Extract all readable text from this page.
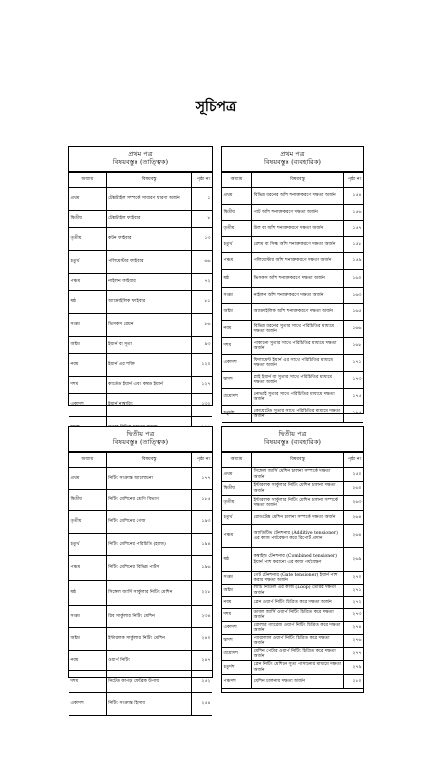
সূচিপত্র
প্রথম পত্র
বিষয়বস্তুঃ (তাত্ত্বিক)
অধ্যায়	বিষয়বস্তু	পৃষ্ঠা নং
প্রথম	টেক্সটাইল সম্পর্কে সাধারণ ধারণা অর্জন	১
দ্বিতীয়	টেক্সটাইল ফাইবার	৮
তৃতীয়	কটন ফাইবার	১৩
চতুর্থ	পলিয়েস্টার ফাইবার	৬৬
পঞ্চম	নাইলন ফাইবার	৭২
ষষ্ঠ	অ্যাক্রাইলিক ফাইবার	৮১
সপ্তম	ভিসকস রেয়ন	৮৬
অষ্টম	ইয়ার্ন বা সূতা	৯৩
নবম	ইয়ার্ন এর শক্তি	১২০
দশম	কার্ডেড ইয়ার্ন এবং কম্বড ইয়ার্ন	১২৭
একাদশ	ইয়ার্ন নাম্বারিং	১৩২

প্রথম পত্র
বিষয়বস্তুঃ (ব্যবহারিক)
অধ্যায়	বিষয়বস্তু	পৃষ্ঠা নং
প্রথম	বিভিন্ন ধরনের আঁশ শনাক্তকরণে দক্ষতা অর্জন	১৫৪
দ্বিতীয়	পাট আঁশ শনাক্তকরণে দক্ষতা অর্জন	১৫৬
তৃতীয়	উল বা আঁশ শনাক্তকরণে দক্ষতা অর্জন	১৫৭
চতুর্থ	রেশম বা সিল্ক আঁশ শনাক্তকরণে দক্ষতা অর্জন	১৫৮
পঞ্চম	পলিয়েস্টার আঁশ শনাক্তকরণে দক্ষতা অর্জন	১৫৯
ষষ্ঠ	ভিসকস আঁশ শনাক্তকরণে দক্ষতা অর্জন	১৬০
সপ্তম	নাইলন আঁশ শনাক্তকরণে দক্ষতা অর্জন	১৬৩
অষ্টম	অ্যাক্রাইলিক আঁশ শনাক্তকরণে দক্ষতা অর্জন	১৬৫
নবম	বিভিন্ন ধরনের সুতার সাথে পরিচিতির মাধ্যমে দক্ষতা অর্জন	১৬৬
দশম	পাকানো সুতার সাথে পরিচিতির মাধ্যমে দক্ষতা অর্জন	১৬৮
একাদশ	ফিলামেন্ট ইয়ার্ন এর সাথে পরিচিতির মাধ্যমে দক্ষতা অর্জন	১৭১
দ্বাদশ	প্লাই ইয়ার্ন বা সুতার সাথে পরিচিতির মাধ্যমে দক্ষতা অর্জন	১৭৩
ত্রয়োদশ	নোভাই সুতার সাথে পরিচিতির মাধ্যমে দক্ষতা অর্জন	১৭৫
চতুর্দশ	কোয়েটেড সুতার সাথে পরিচিতির মাধ্যমে দক্ষতা অর্জন	১৭৫
দ্বিতীয় পত্র
বিষয়বস্তুঃ (তাত্ত্বিক)
অধ্যায়	বিষয়বস্তু	পৃষ্ঠা নং
প্রথম	নিটিং সংক্রান্ত আলোচনা	১৭৭
দ্বিতীয়	নিটিং মেশিনের শ্রেণি বিভাগ	১৮৫
তৃতীয়	নিটিং মেশিনের গেজ	১৯৩
চতুর্থ	নিটিং মেশিনের পরিচিতি (হ্যান্ড)	১৯৪
পঞ্চম	নিটিং মেশিনের বিভিন্ন পার্টস	১৯৬
ষষ্ঠ	সিঙ্গেল জার্সি সার্কুলার নিটিং মেশিন	২২৮
সপ্তম	রিব সার্কুলার নিটিং মেশিন	২৩৪
অষ্টম	ইন্টারলক সার্কুলার নিটিং মেশিন	২৪০
নবম	ওয়ার্প নিটিং	২৪৭
দশম	নিটেড কাপড় ফেব্রিক উপায়	২৫২
একাদশ	নিটিং সংক্রান্ত হিসাব	২৫৪
দ্বিতীয় পত্র
বিষয়বস্তুঃ (ব্যবহারিক)
অধ্যায়	বিষয়বস্তু	পৃষ্ঠা নং
প্রথম	সিঙ্গেল জার্সি মেশিন চালনা সম্পর্কে দক্ষতা অর্জন	২৫০
দ্বিতীয়	ইন্টারলক সার্কুলার নিটিং মেশিন চালনা দক্ষতা অর্জন	২৬০
তৃতীয়	ইন্টারলক সার্কুলার নিটিং মেশিন চালনা সম্পর্কে দক্ষতা অর্জন	২৬৩
চতুর্থ	রোডটেক্স মেশিন চালনা সম্পর্কে দক্ষতা অর্জন	২৬৪
পঞ্চম	অ্যাডিটিভ টেনশনার (Additive tensioner) এর কাজ পর্যবেক্ষণ করে রিপোর্ট প্রদান	২৬৪
ষষ্ঠ	কম্বাইন্ড টেনশনার (Combined tensioner) ইয়ার্ন পাশ করানো এর কাজ পর্যবেক্ষণ	২৬৯
সপ্তম	গেট টেনশনার (Gate tensioner) ইয়ার্ন পাশ করার দক্ষতা অর্জন	২৭০
অষ্টম	ল্যাচ নিডেল এর কাজ (Loop) তৈরির দক্ষতা অর্জন	২৭১
নবম	প্লেন ওয়ার্প নিটিং চিত্রিত করে দক্ষতা অর্জন	২৭২
দশম	ডাবল জার্সি ওয়ার্প নিটিং চিত্রিত করে দক্ষতা অর্জন	২৭৩
একাদশ	রোলার গ্যারেজ ওয়ার্প নিটিং চিত্রিত করে দক্ষতা অর্জন	২৭৪
দ্বাদশ	প্যারালাল ওয়ার্প নিটিং চিত্রিত করে দক্ষতা অর্জন	২৭৬
ত্রয়োদশ	মেশিন পেটার ওয়ার্প নিটিং চিত্রিত করে দক্ষতা অর্জন	২৭৭
চতুর্দশ	প্লেন নিটিং মেশিনে সুতা পাসানোর মাধ্যমে দক্ষতা অর্জন	২৭৯
পঞ্চদশ	মেশিন চালনায় দক্ষতা অর্জন	২৮০
